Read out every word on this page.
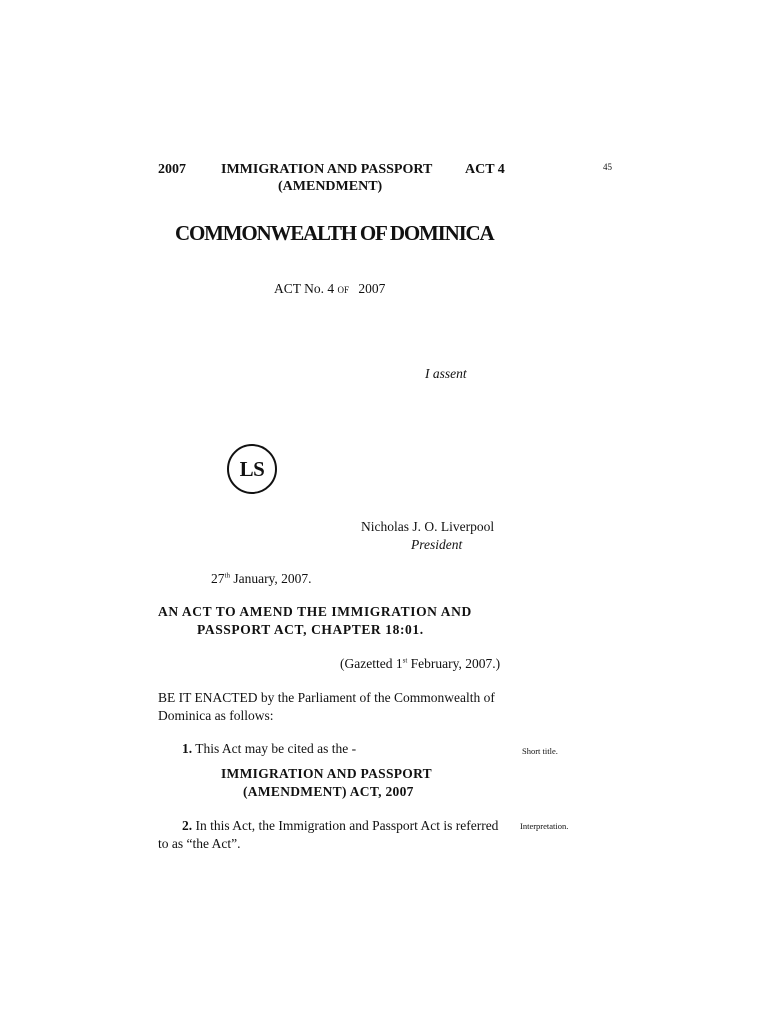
2007	IMMIGRATION AND PASSPORT
(AMENDMENT)
ACT 4	45
COMMONWEALTH OF DOMINICA
ACT No. 4 OF 2007
I assent
LS
Nicholas J. O. Liverpool
President
27th January, 2007.
AN ACT TO AMEND THE IMMIGRATION AND
PASSPORT ACT, CHAPTER 18:01.
(Gazetted 1st February, 2007.)
BE IT ENACTED by the Parliament of the Commonwealth of
Dominica as follows:
1. This Act may be cited as the -	Short title.
IMMIGRATION AND PASSPORT
(AMENDMENT) ACT, 2007
2. In this Act, the Immigration and Passport Act is referred
to as “the Act”.
Interpretation.
